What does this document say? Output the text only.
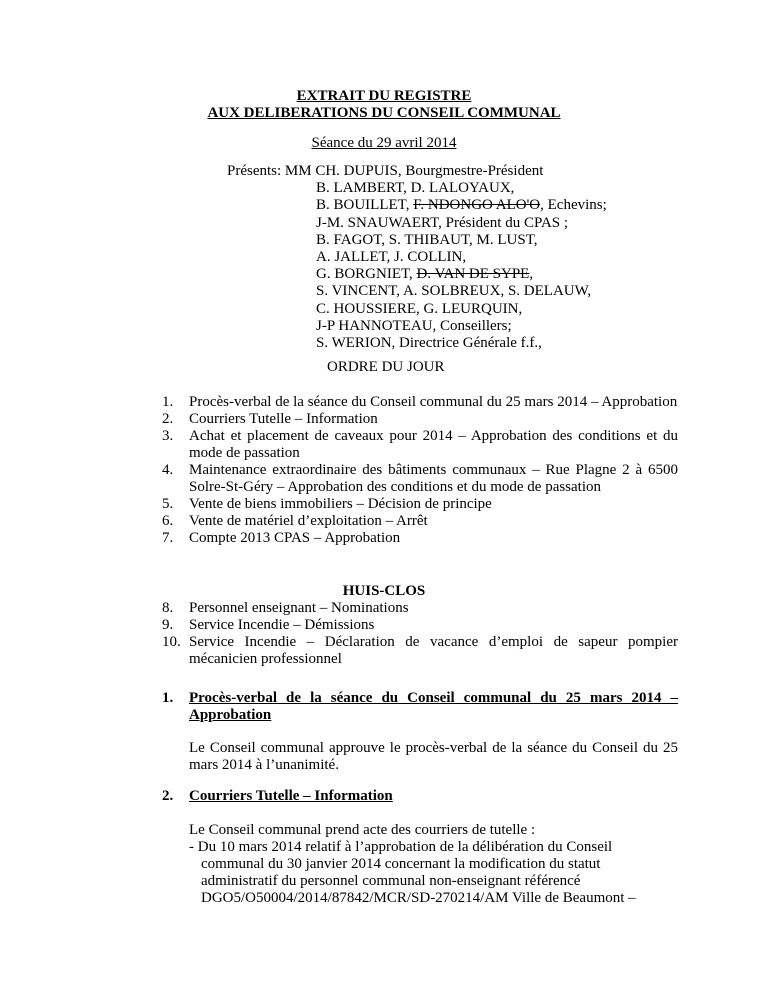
EXTRAIT DU REGISTRE
AUX DELIBERATIONS DU CONSEIL COMMUNAL
Séance du 29 avril 2014
Présents: MM CH. DUPUIS, Bourgmestre-Président
B. LAMBERT, D. LALOYAUX,
B. BOUILLET, F. NDONGO ALO'O, Echevins;
J-M. SNAUWAERT, Président du CPAS ;
B. FAGOT, S. THIBAUT, M. LUST,
A. JALLET, J. COLLIN,
G. BORGNIET, D. VAN DE SYPE,
S. VINCENT, A. SOLBREUX, S. DELAUW,
C. HOUSSIERE, G. LEURQUIN,
J-P HANNOTEAU, Conseillers;
S. WERION, Directrice Générale f.f.,
ORDRE DU JOUR
1. Procès-verbal de la séance du Conseil communal du 25 mars 2014 – Approbation
2. Courriers Tutelle – Information
3. Achat et placement de caveaux pour 2014 – Approbation des conditions et du mode de passation
4. Maintenance extraordinaire des bâtiments communaux – Rue Plagne 2 à 6500 Solre-St-Géry – Approbation des conditions et du mode de passation
5. Vente de biens immobiliers – Décision de principe
6. Vente de matériel d’exploitation – Arrêt
7. Compte 2013 CPAS – Approbation
HUIS-CLOS
8. Personnel enseignant – Nominations
9. Service Incendie – Démissions
10. Service Incendie – Déclaration de vacance d’emploi de sapeur pompier mécanicien professionnel
1. Procès-verbal de la séance du Conseil communal du 25 mars 2014 – Approbation
Le Conseil communal approuve le procès-verbal de la séance du Conseil du 25 mars 2014 à l’unanimité.
2. Courriers Tutelle – Information
Le Conseil communal prend acte des courriers de tutelle :
- Du 10 mars 2014 relatif à l’approbation de la délibération du Conseil
communal du 30 janvier 2014 concernant la modification du statut
administratif du personnel communal non-enseignant référencé
DGO5/O50004/2014/87842/MCR/SD-270214/AM Ville de Beaumont –
